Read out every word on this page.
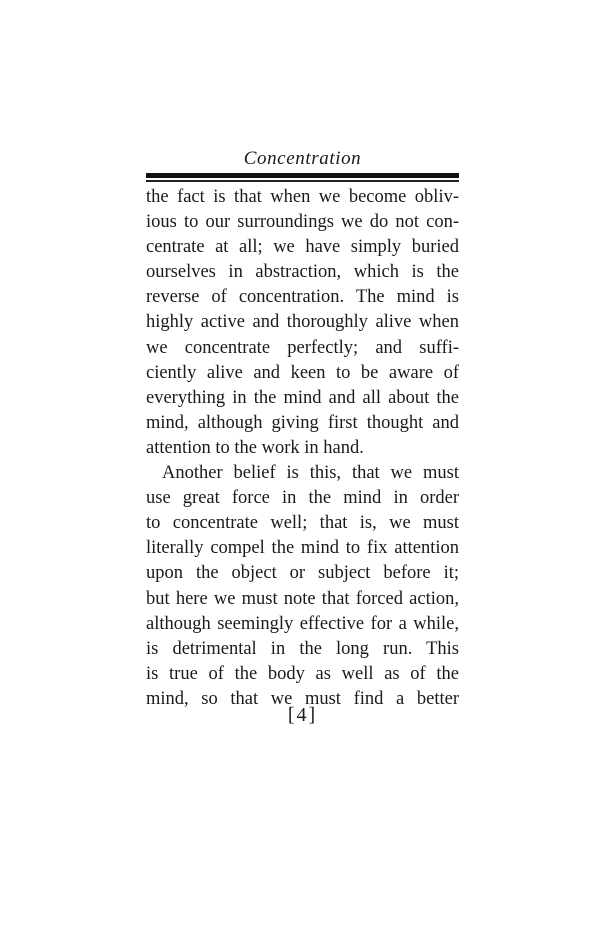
Concentration
the fact is that when we become obliv-
ious to our surroundings we do not con-
centrate at all; we have simply buried
ourselves in abstraction, which is the
reverse of concentration. The mind is
highly active and thoroughly alive when
we concentrate perfectly; and suffi-
ciently alive and keen to be aware of
everything in the mind and all about the
mind, although giving first thought and
attention to the work in hand.
Another belief is this, that we must
use great force in the mind in order
to concentrate well; that is, we must
literally compel the mind to fix attention
upon the object or subject before it;
but here we must note that forced action,
although seemingly effective for a while,
is detrimental in the long run. This
is true of the body as well as of the
mind, so that we must find a better
[4]
